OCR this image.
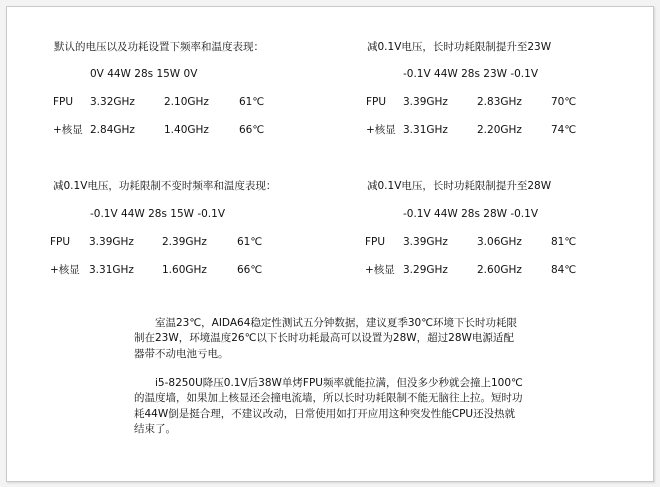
默认的电压以及功耗设置下频率和温度表现：
0V 44W 28s 15W 0V
FPU 3.32GHz	2.10GHz	61℃
+核显 2.84GHz	1.40GHz	66℃
减0.1V电压，长时功耗限制提升至23W
-0.1V 44W 28s 23W -0.1V
FPU 3.39GHz	2.83GHz	70℃
+核显 3.31GHz	2.20GHz	74℃
减0.1V电压，功耗限制不变时频率和温度表现：
-0.1V 44W 28s 15W -0.1V
FPU 3.39GHz	2.39GHz	61℃
+核显 3.31GHz	1.60GHz	66℃
减0.1V电压，长时功耗限制提升至28W
-0.1V 44W 28s 28W -0.1V
FPU 3.39GHz	3.06GHz	81℃
+核显 3.29GHz	2.60GHz	84℃

室温23℃，AIDA64稳定性测试五分钟数据，建议夏季30℃环境下长时功耗限制在23W，环境温度26℃以下长时功耗最高可以设置为28W，超过28W电源适配器带不动电池亏电。

i5-8250U降压0.1V后38W单烤FPU频率就能拉满，但没多少秒就会撞上100℃的温度墙，如果加上核显还会撞电流墙，所以长时功耗限制不能无脑往上拉。短时功耗44W倒是挺合理，不建议改动，日常使用如打开应用这种突发性能CPU还没热就结束了。
